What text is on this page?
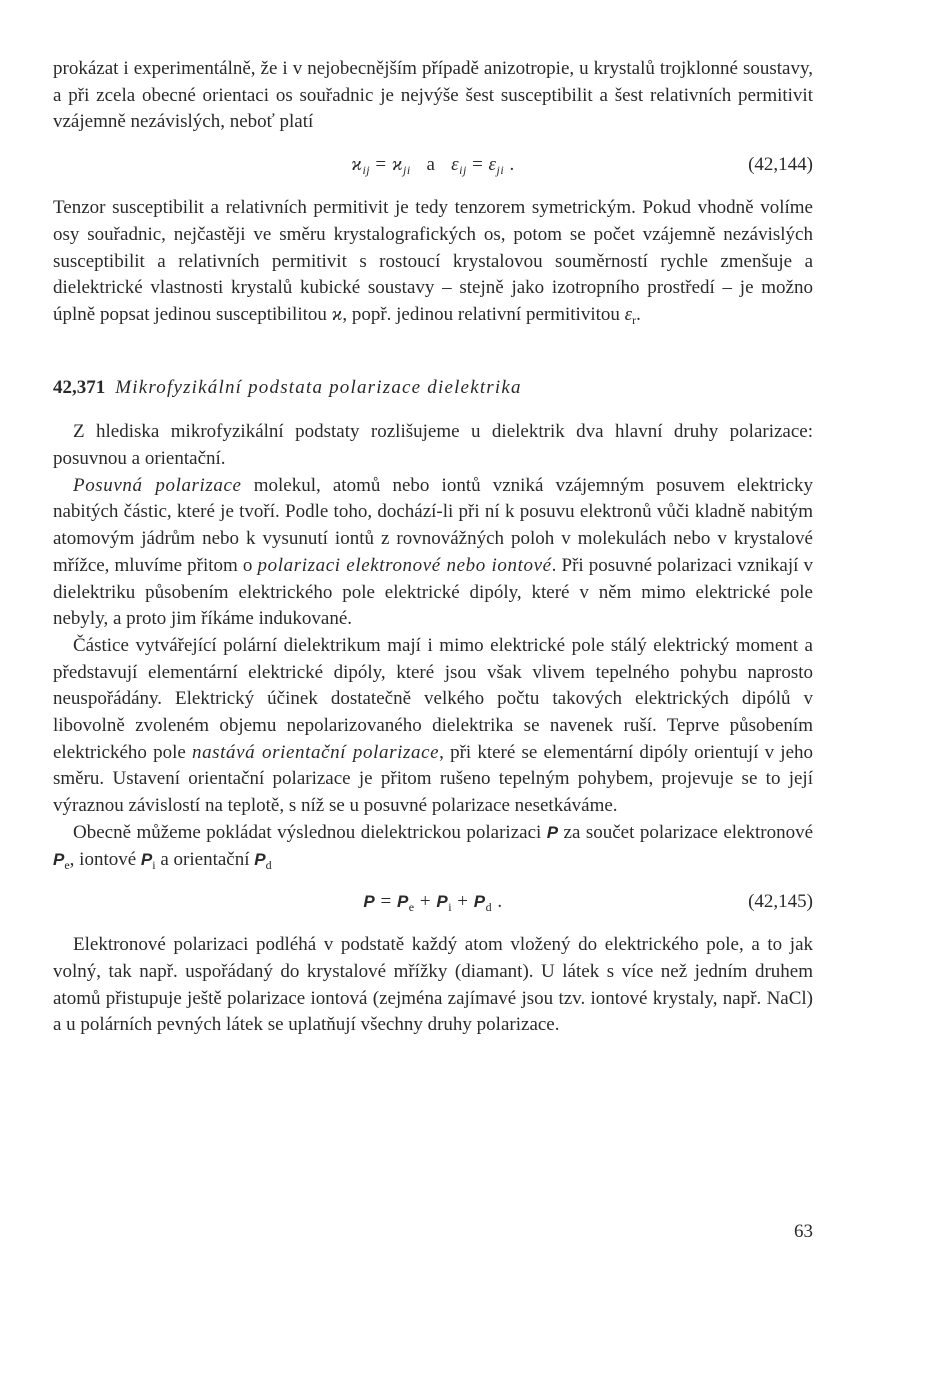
prokázat i experimentálně, že i v nejobecnějším případě anizotropie, u krystalů trojklonné soustavy, a při zcela obecné orientaci os souřadnic je nejvýše šest susceptibilit a šest relativních permitivit vzájemně nezávislých, neboť platí

$ϰ_{ij} = ϰ_{ji}$   a   $\varepsilon_{ij} = \varepsilon_{ji}$ .	(42,144)

Tenzor susceptibilit a relativních permitivit je tedy tenzorem symetrickým. Pokud vhodně volíme osy souřadnic, nejčastěji ve směru krystalografických os, potom se počet vzájemně nezávislých susceptibilit a relativních permitivit s rostoucí krystalovou souměrností rychle zmenšuje a dielektrické vlastnosti krystalů kubické soustavy – stejně jako izotropního prostředí – je možno úplně popsat jedinou susceptibilitou ϰ, popř. jedinou relativní permitivitou $\varepsilon_r$.

42,371 Mikrofyzikální podstata polarizace dielektrika

Z hlediska mikrofyzikální podstaty rozlišujeme u dielektrik dva hlavní druhy polarizace: posuvnou a orientační.

Posuvná polarizace molekul, atomů nebo iontů vzniká vzájemným posuvem elektricky nabitých částic, které je tvoří. Podle toho, dochází-li při ní k posuvu elektronů vůči kladně nabitým atomovým jádrům nebo k vysunutí iontů z rovnovážných poloh v molekulách nebo v krystalové mřížce, mluvíme přitom o polarizaci elektronové nebo iontové. Při posuvné polarizaci vznikají v dielektriku působením elektrického pole elektrické dipóly, které v něm mimo elektrické pole nebyly, a proto jim říkáme indukované.

Částice vytvářející polární dielektrikum mají i mimo elektrické pole stálý elektrický moment a představují elementární elektrické dipóly, které jsou však vlivem tepelného pohybu naprosto neuspořádány. Elektrický účinek dostatečně velkého počtu takových elektrických dipólů v libovolně zvoleném objemu nepolarizovaného dielektrika se navenek ruší. Teprve působením elektrického pole nastává orientační polarizace, při které se elementární dipóly orientují v jeho směru. Ustavení orientační polarizace je přitom rušeno tepelným pohybem, projevuje se to její výraznou závislostí na teplotě, s níž se u posuvné polarizace nesetkáváme.

Obecně můžeme pokládat výslednou dielektrickou polarizaci P za součet polarizace elektronové $P_e$, iontové $P_i$ a orientační $P_d$

$P = P_e + P_i + P_d$ .	(42,145)

Elektronové polarizaci podléhá v podstatě každý atom vložený do elektrického pole, a to jak volný, tak např. uspořádaný do krystalové mřížky (diamant). U látek s více než jedním druhem atomů přistupuje ještě polarizace iontová (zejména zajímavé jsou tzv. iontové krystaly, např. NaCl) a u polárních pevných látek se uplatňují všechny druhy polarizace.

63
